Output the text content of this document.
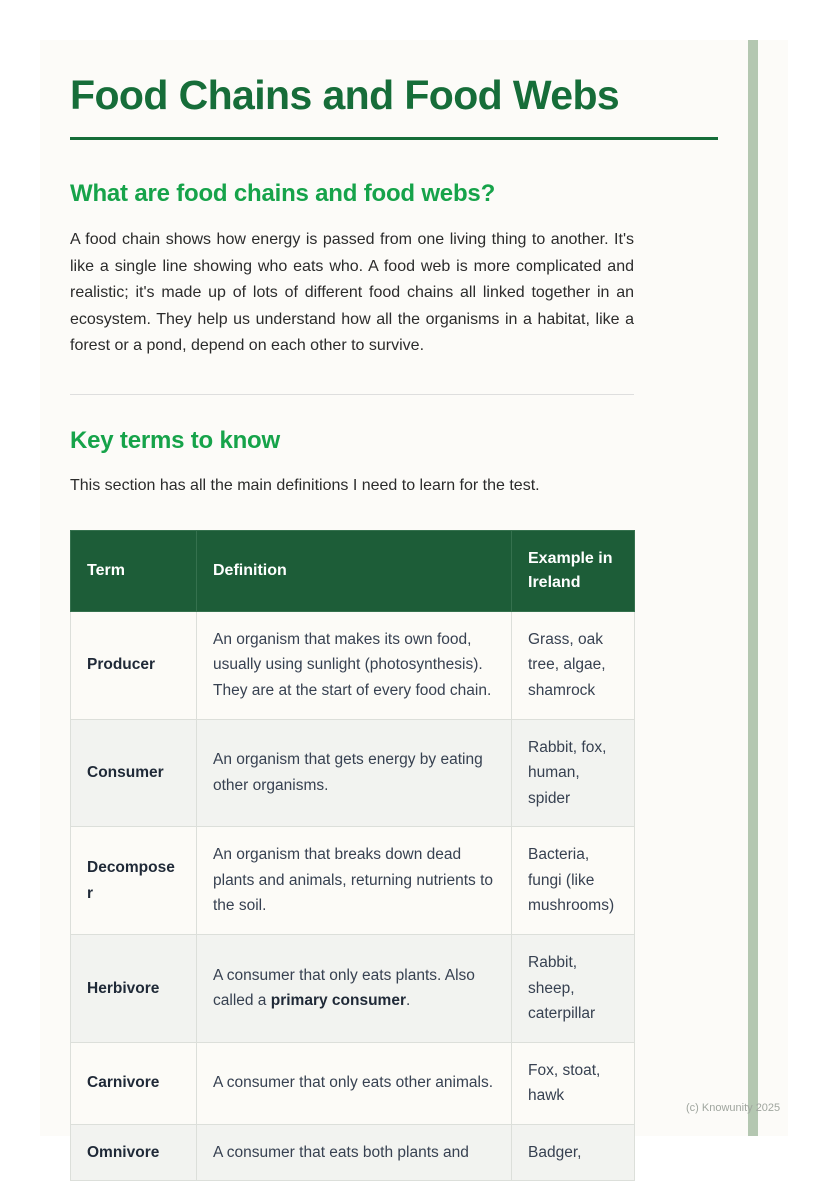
Food Chains and Food Webs
What are food chains and food webs?

A food chain shows how energy is passed from one living thing to another. It's like a single line showing who eats who. A food web is more complicated and realistic; it's made up of lots of different food chains all linked together in an ecosystem. They help us understand how all the organisms in a habitat, like a forest or a pond, depend on each other to survive.

Key terms to know

This section has all the main definitions I need to learn for the test.

Term	Definition	Example in Ireland
Producer	An organism that makes its own food, usually using sunlight (photosynthesis). They are at the start of every food chain.	Grass, oak tree, algae, shamrock
Consumer	An organism that gets energy by eating other organisms.	Rabbit, fox, human, spider
Decomposer	An organism that breaks down dead plants and animals, returning nutrients to the soil.	Bacteria, fungi (like mushrooms)
Herbivore	A consumer that only eats plants. Also called a primary consumer.	Rabbit, sheep, caterpillar
Carnivore	A consumer that only eats other animals.	Fox, stoat, hawk
Omnivore	A consumer that eats both plants and	Badger,
(c) Knowunity 2025
